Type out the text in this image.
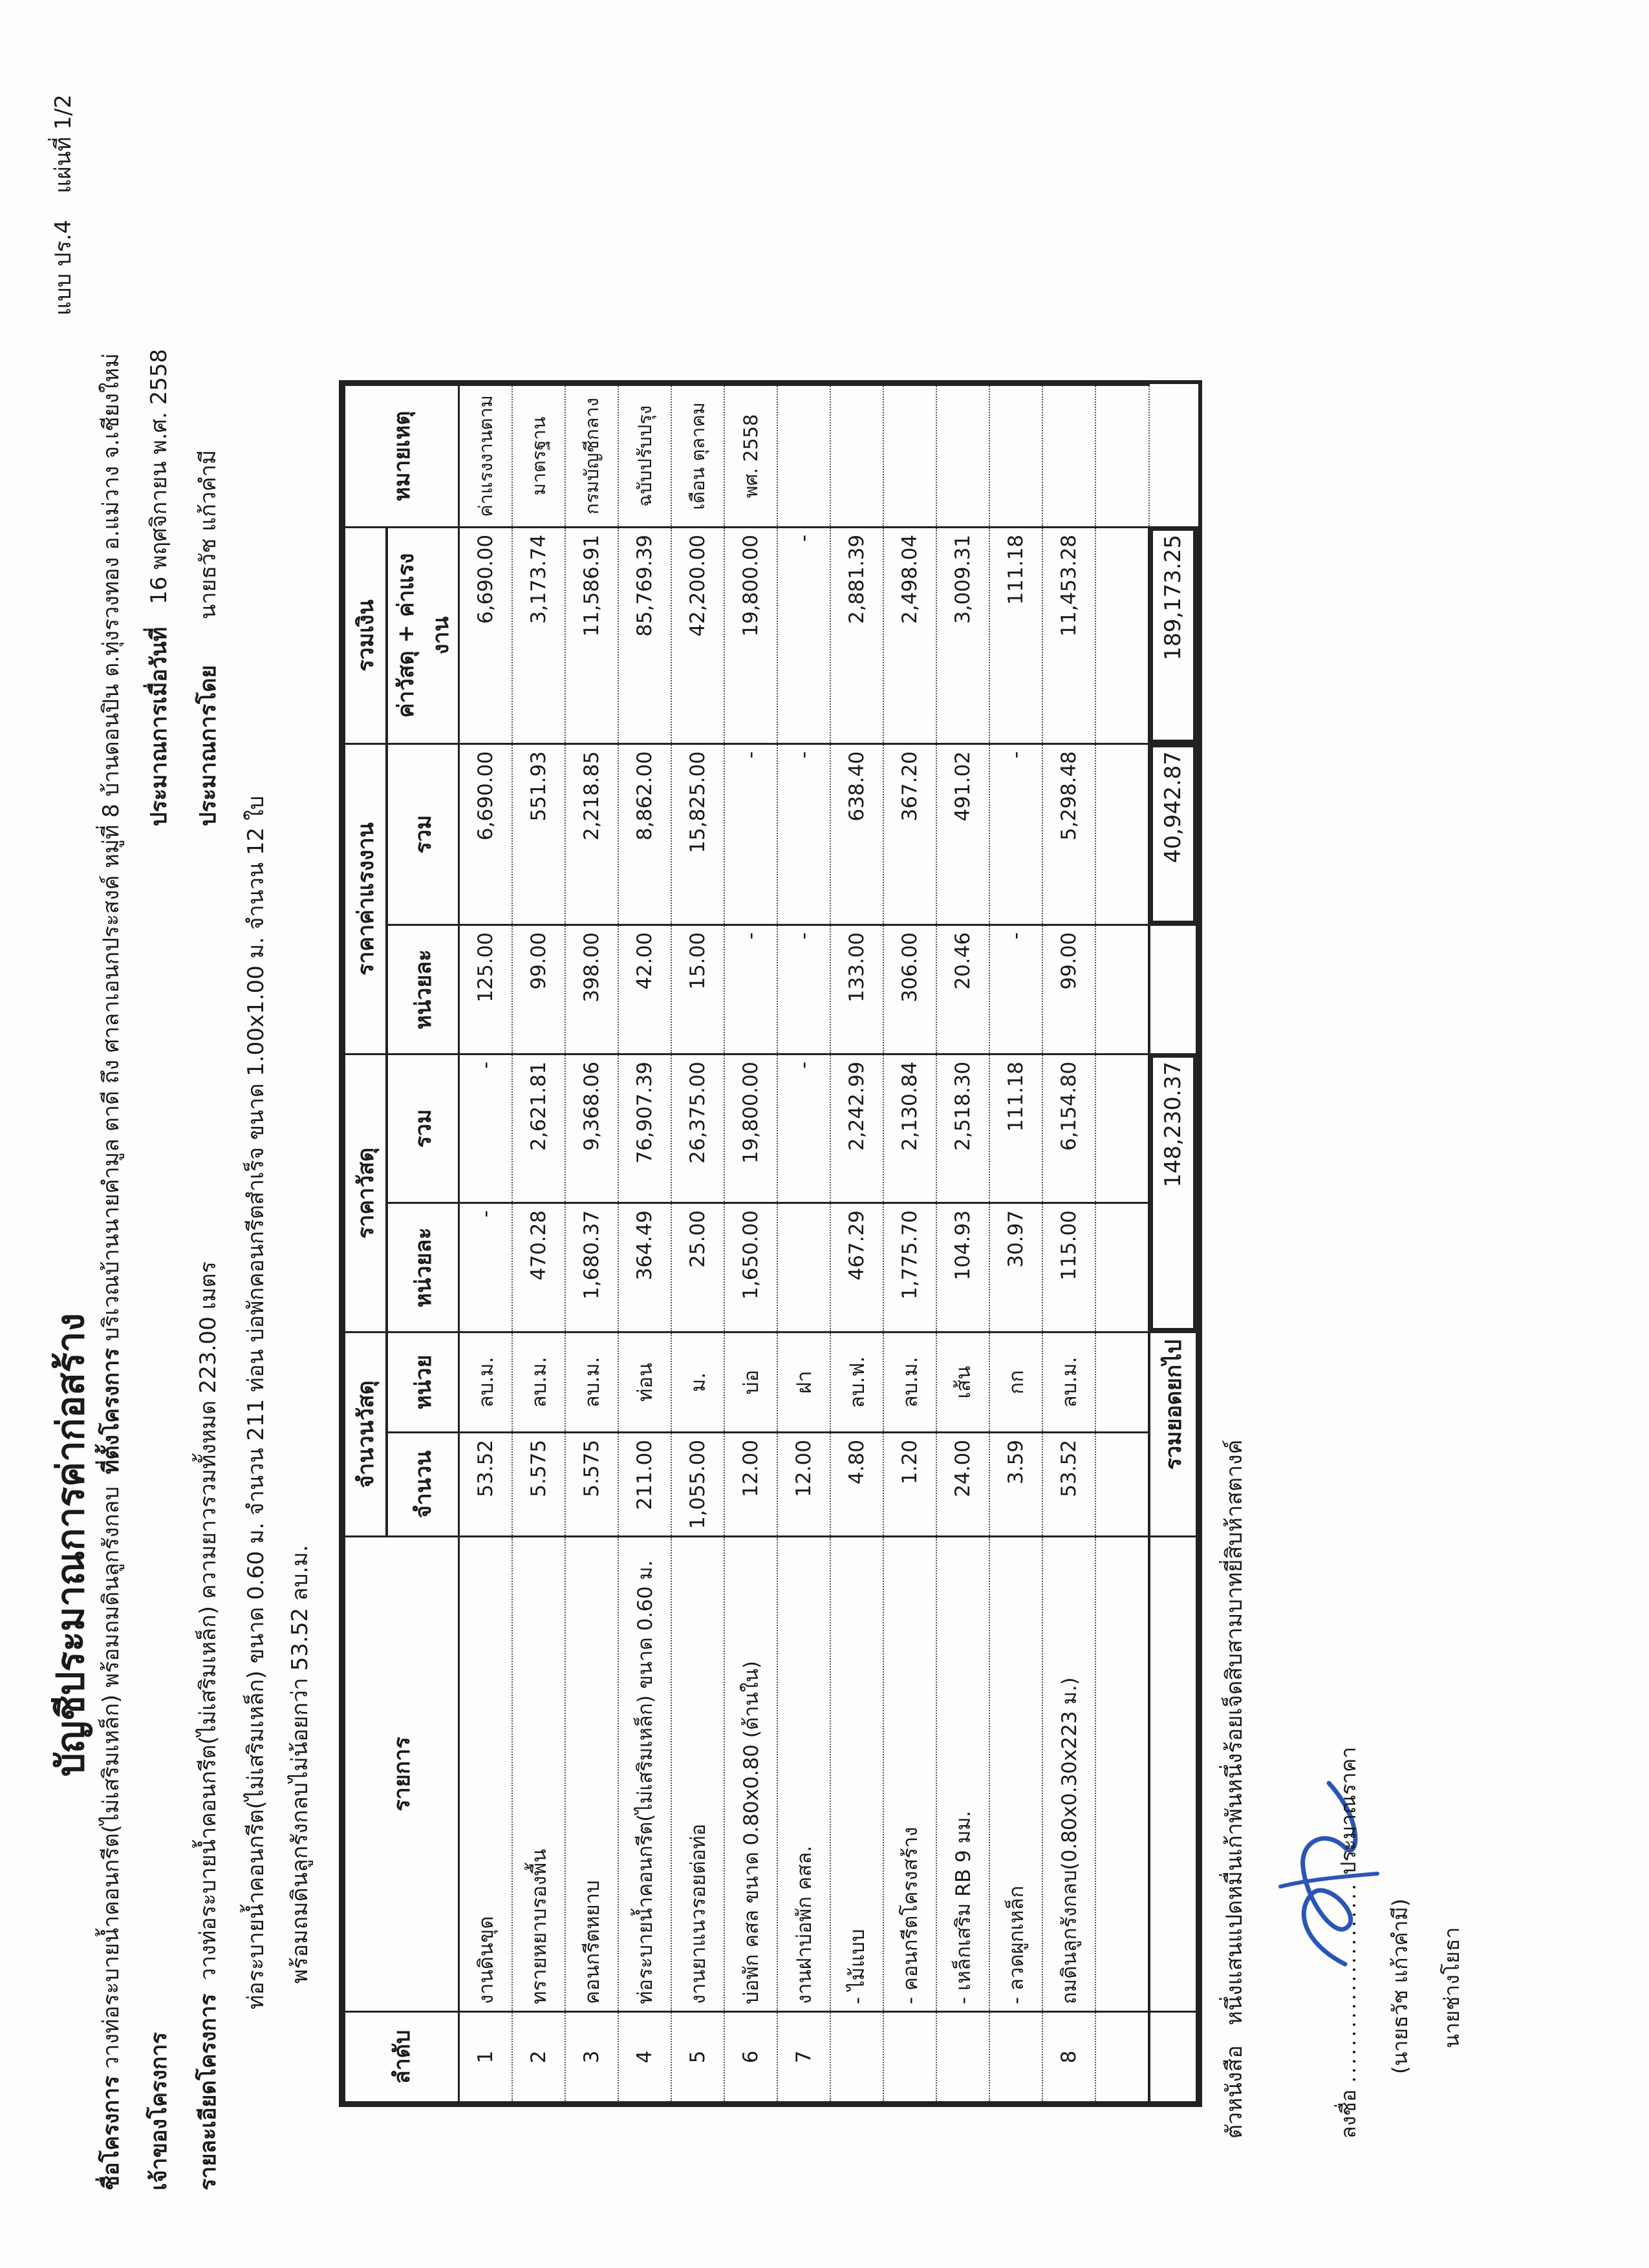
บัญชีประมาณการค่าก่อสร้าง
แบบ ปร.4 แผ่นที่ 1/2
ชื่อโครงการ วางท่อระบายน้ำคอนกรีต(ไม่เสริมเหล็ก) พร้อมถมดินลูกรังกลบ ที่ตั้งโครงการ บริเวณบ้านนายคำมูล ตาดี ถึง ศาลาเอนกประสงค์ หมู่ที่ 8 บ้านดอนปิน ต.ทุ่งรวงทอง อ.แม่วาง จ.เชียงใหม่
เจ้าของโครงการ
ประมาณการเมื่อวันที่ 16 พฤศจิกายน พ.ศ. 2558
รายละเอียดโครงการ วางท่อระบายน้ำคอนกรีต(ไม่เสริมเหล็ก) ความยาวรวมทั้งหมด 223.00 เมตร
ประมาณการโดย นายธวัช แก้วคำมี
ท่อระบายน้ำคอนกรีต(ไม่เสริมเหล็ก) ขนาด 0.60 ม. จำนวน 211 ท่อน บ่อพักคอนกรีตสำเร็จ ขนาด 1.00x1.00 ม. จำนวน 12 ใบ พร้อมถมดินลูกรังกลบไม่น้อยกว่า 53.52 ลบ.ม.
ลำดับ	รายการ	จำนวนวัสดุ		ราคาวัสดุ		ราคาค่าแรงงาน		รวมเงิน	หมายเหตุ
		จำนวน	หน่วย	หน่วยละ	รวม	หน่วยละ	รวม	ค่าวัสดุ + ค่าแรงงาน	
1	งานดินขุด	53.52	ลบ.ม.	-	-	125.00	6,690.00	6,690.00	ค่าแรงงานตาม
2	ทรายหยาบรองพื้น	5.575	ลบ.ม.	470.28	2,621.81	99.00	551.93	3,173.74	มาตรฐาน
3	คอนกรีตหยาบ	5.575	ลบ.ม.	1,680.37	9,368.06	398.00	2,218.85	11,586.91	กรมบัญชีกลาง
4	ท่อระบายน้ำคอนกรีต(ไม่เสริมเหล็ก) ขนาด 0.60 ม.	211.00	ท่อน	364.49	76,907.39	42.00	8,862.00	85,769.39	ฉบับปรับปรุง
5	งานยาแนวรอยต่อท่อ	1,055.00	ม.	25.00	26,375.00	15.00	15,825.00	42,200.00	เดือน ตุลาคม
6	บ่อพัก คสล ขนาด 0.80x0.80 (ด้านใน)	12.00	บ่อ	1,650.00	19,800.00	-	-	19,800.00	พศ. 2558
7	งานฝาบ่อพัก คสล.	12.00	ฝา		-	-	-	-	
	- ไม้แบบ	4.80	ลบ.ฟ.	467.29	2,242.99	133.00	638.40	2,881.39	
	- คอนกรีตโครงสร้าง	1.20	ลบ.ม.	1,775.70	2,130.84	306.00	367.20	2,498.04	
	- เหล็กเสริม RB 9 มม.	24.00	เส้น	104.93	2,518.30	20.46	491.02	3,009.31	
	- ลวดผูกเหล็ก	3.59	กก	30.97	111.18	-	-	111.18	
8	ถมดินลูกรังกลบ(0.80x0.30x223 ม.)	53.52	ลบ.ม.	115.00	6,154.80	99.00	5,298.48	11,453.28	

		รวมยอดยกไป		148,230.37			40,942.87	189,173.25	
ตัวหนังสือ หนึ่งแสนแปดหมื่นเก้าพันหนึ่งร้อยเจ็ดสิบสามบาทยี่สิบห้าสตางค์
ลงชื่อ ...................... ประมาณราคา
(นายธวัช แก้วคำมี) นายช่างโยธา
